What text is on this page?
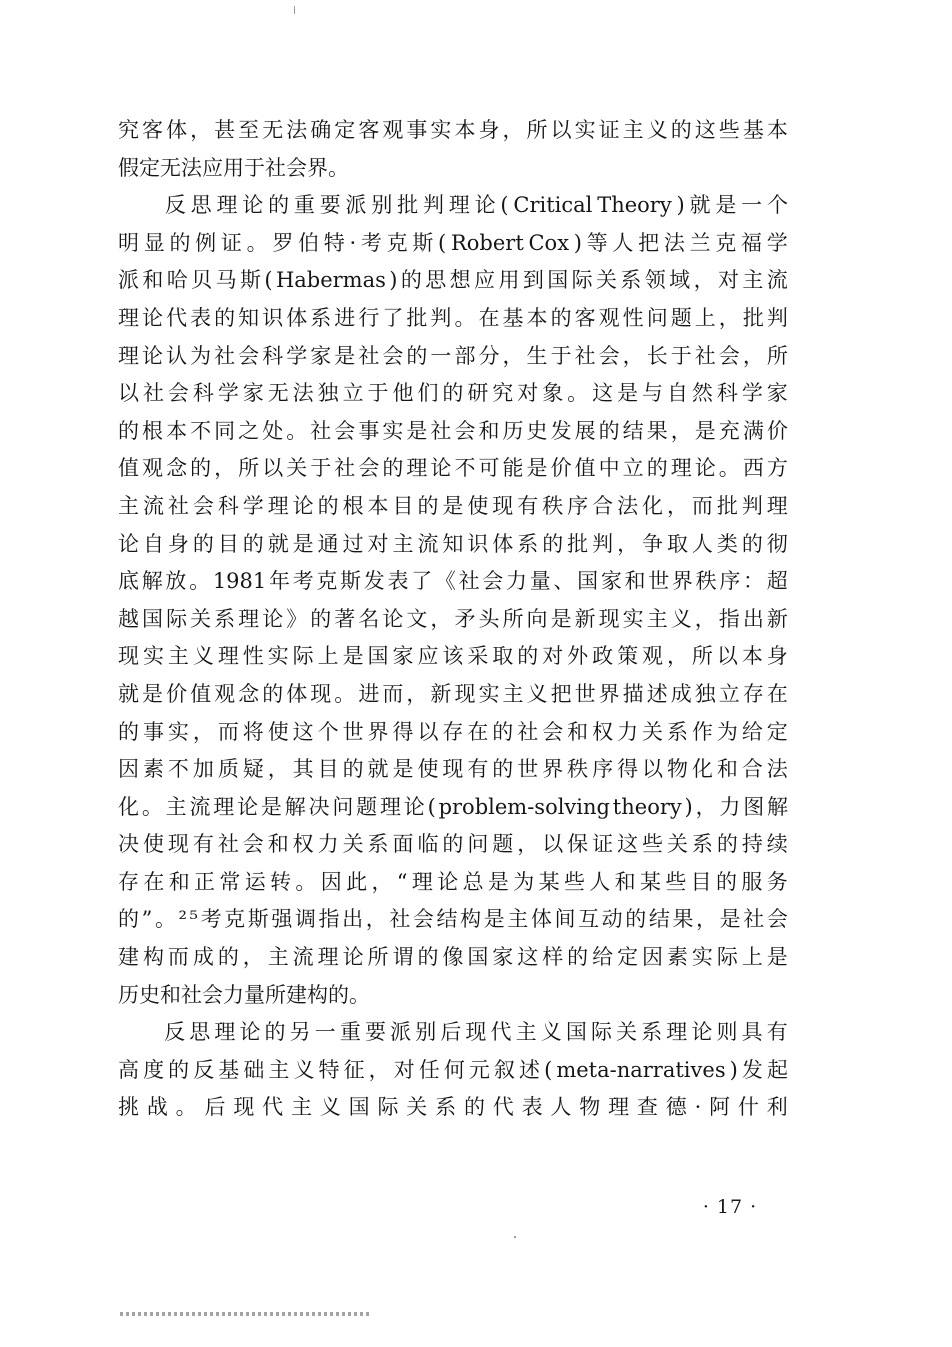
究 客 体 ， 甚 至 无 法 确 定 客 观 事 实 本 身 ， 所 以 实 证 主 义 的 这 些 基 本
假定无法应用于社会界。

反 思 理 论 的 重 要 派 别 批 判 理 论 ( Critical Theory ) 就 是 一 个
明 显 的 例 证 。 罗 伯 特 · 考 克 斯 ( Robert Cox ) 等 人 把 法 兰 克 福 学
派 和 哈 贝 马 斯 ( Habermas ) 的 思 想 应 用 到 国 际 关 系 领 域 ， 对 主 流
理 论 代 表 的 知 识 体 系 进 行 了 批 判 。 在 基 本 的 客 观 性 问 题 上 ， 批 判
理 论 认 为 社 会 科 学 家 是 社 会 的 一 部 分 ， 生 于 社 会 ， 长 于 社 会 ， 所
以 社 会 科 学 家 无 法 独 立 于 他 们 的 研 究 对 象 。 这 是 与 自 然 科 学 家
的 根 本 不 同 之 处 。 社 会 事 实 是 社 会 和 历 史 发 展 的 结 果 ， 是 充 满 价
值 观 念 的 ， 所 以 关 于 社 会 的 理 论 不 可 能 是 价 值 中 立 的 理 论 。 西 方
主 流 社 会 科 学 理 论 的 根 本 目 的 是 使 现 有 秩 序 合 法 化 ， 而 批 判 理
论 自 身 的 目 的 就 是 通 过 对 主 流 知 识 体 系 的 批 判 ， 争 取 人 类 的 彻
底 解 放 。 1981 年 考 克 斯 发 表 了 《 社 会 力 量 、 国 家 和 世 界 秩 序 ： 超
越 国 际 关 系 理 论 》 的 著 名 论 文 ， 矛 头 所 向 是 新 现 实 主 义 ， 指 出 新
现 实 主 义 理 性 实 际 上 是 国 家 应 该 采 取 的 对 外 政 策 观 ， 所 以 本 身
就 是 价 值 观 念 的 体 现 。 进 而 ， 新 现 实 主 义 把 世 界 描 述 成 独 立 存 在
的 事 实 ， 而 将 使 这 个 世 界 得 以 存 在 的 社 会 和 权 力 关 系 作 为 给 定
因 素 不 加 质 疑 ， 其 目 的 就 是 使 现 有 的 世 界 秩 序 得 以 物 化 和 合 法
化 。 主 流 理 论 是 解 决 问 题 理 论 ( problem-solving theory ) ， 力 图 解
决 使 现 有 社 会 和 权 力 关 系 面 临 的 问 题 ， 以 保 证 这 些 关 系 的 持 续
存 在 和 正 常 运 转 。 因 此 ， “ 理 论 总 是 为 某 些 人 和 某 些 目 的 服 务
的 ” 。 ² ⁵ 考 克 斯 强 调 指 出 ， 社 会 结 构 是 主 体 间 互 动 的 结 果 ， 是 社 会
建 构 而 成 的 ， 主 流 理 论 所 谓 的 像 国 家 这 样 的 给 定 因 素 实 际 上 是
历史和社会力量所建构的。

反 思 理 论 的 另 一 重 要 派 别 后 现 代 主 义 国 际 关 系 理 论 则 具 有
高 度 的 反 基 础 主 义 特 征 ， 对 任 何 元 叙 述 ( meta-narratives ) 发 起
挑 战 。 后 现 代 主 义 国 际 关 系 的 代 表 人 物 理 查 德 · 阿 什 利
· 17 ·
